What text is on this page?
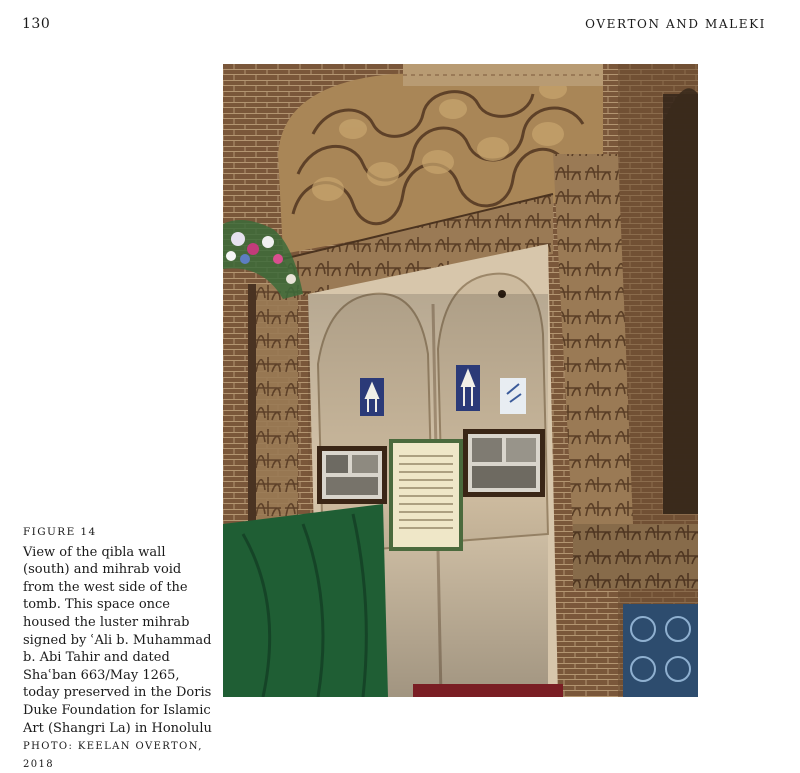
130	OVERTON AND MALEKI
FIGURE 14

View of the qibla wall (south) and mihrab void from the west side of the tomb. This space once housed the luster mihrab signed by ʿAli b. Muhammad b. Abi Tahir and dated Shaʿban 663/May 1265, today preserved in the Doris Duke Foundation for Islamic Art (Shangri La) in Honolulu

PHOTO: KEELAN OVERTON, 2018
